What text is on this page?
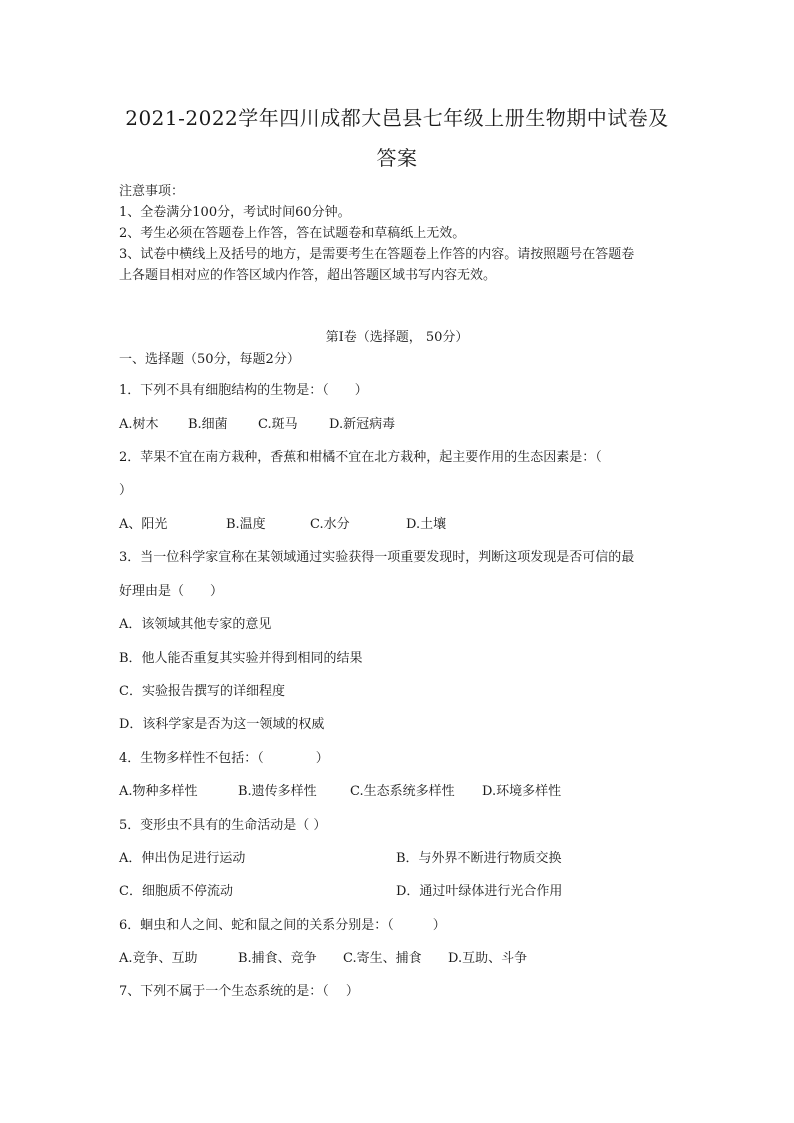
2021-2022学年四川成都大邑县七年级上册生物期中试卷及
答案
注意事项：
1、全卷满分100分，考试时间60分钟。
2、考生必须在答题卷上作答，答在试题卷和草稿纸上无效。
3、试卷中横线上及括号的地方，是需要考生在答题卷上作答的内容。请按照题号在答题卷
上各题目相对应的作答区域内作答，超出答题区域书写内容无效。
第Ⅰ卷（选择题， 50分）
一、选择题（50分，每题2分）
1．下列不具有细胞结构的生物是：（　　）
A.树木 B.细菌 C.斑马 D.新冠病毒
2．苹果不宜在南方栽种，香蕉和柑橘不宜在北方栽种，起主要作用的生态因素是：（
）
A、阳光	B.温度	C.水分	D.土壤
3．当一位科学家宣称在某领域通过实验获得一项重要发现时，判断这项发现是否可信的最
好理由是（　　）
A．该领域其他专家的意见
B．他人能否重复其实验并得到相同的结果
C．实验报告撰写的详细程度
D．该科学家是否为这一领域的权威
4．生物多样性不包括：（　　　　）
A.物种多样性	B.遗传多样性	C.生态系统多样性 D.环境多样性
5．变形虫不具有的生命活动是（ ）
A．伸出伪足进行运动	B．与外界不断进行物质交换
C．细胞质不停流动	D．通过叶绿体进行光合作用
6．蛔虫和人之间、蛇和鼠之间的关系分别是：（　　　）
A.竞争、互助	B.捕食、竞争 C.寄生、捕食 D.互助、斗争
7、下列不属于一个生态系统的是：（　 ）
